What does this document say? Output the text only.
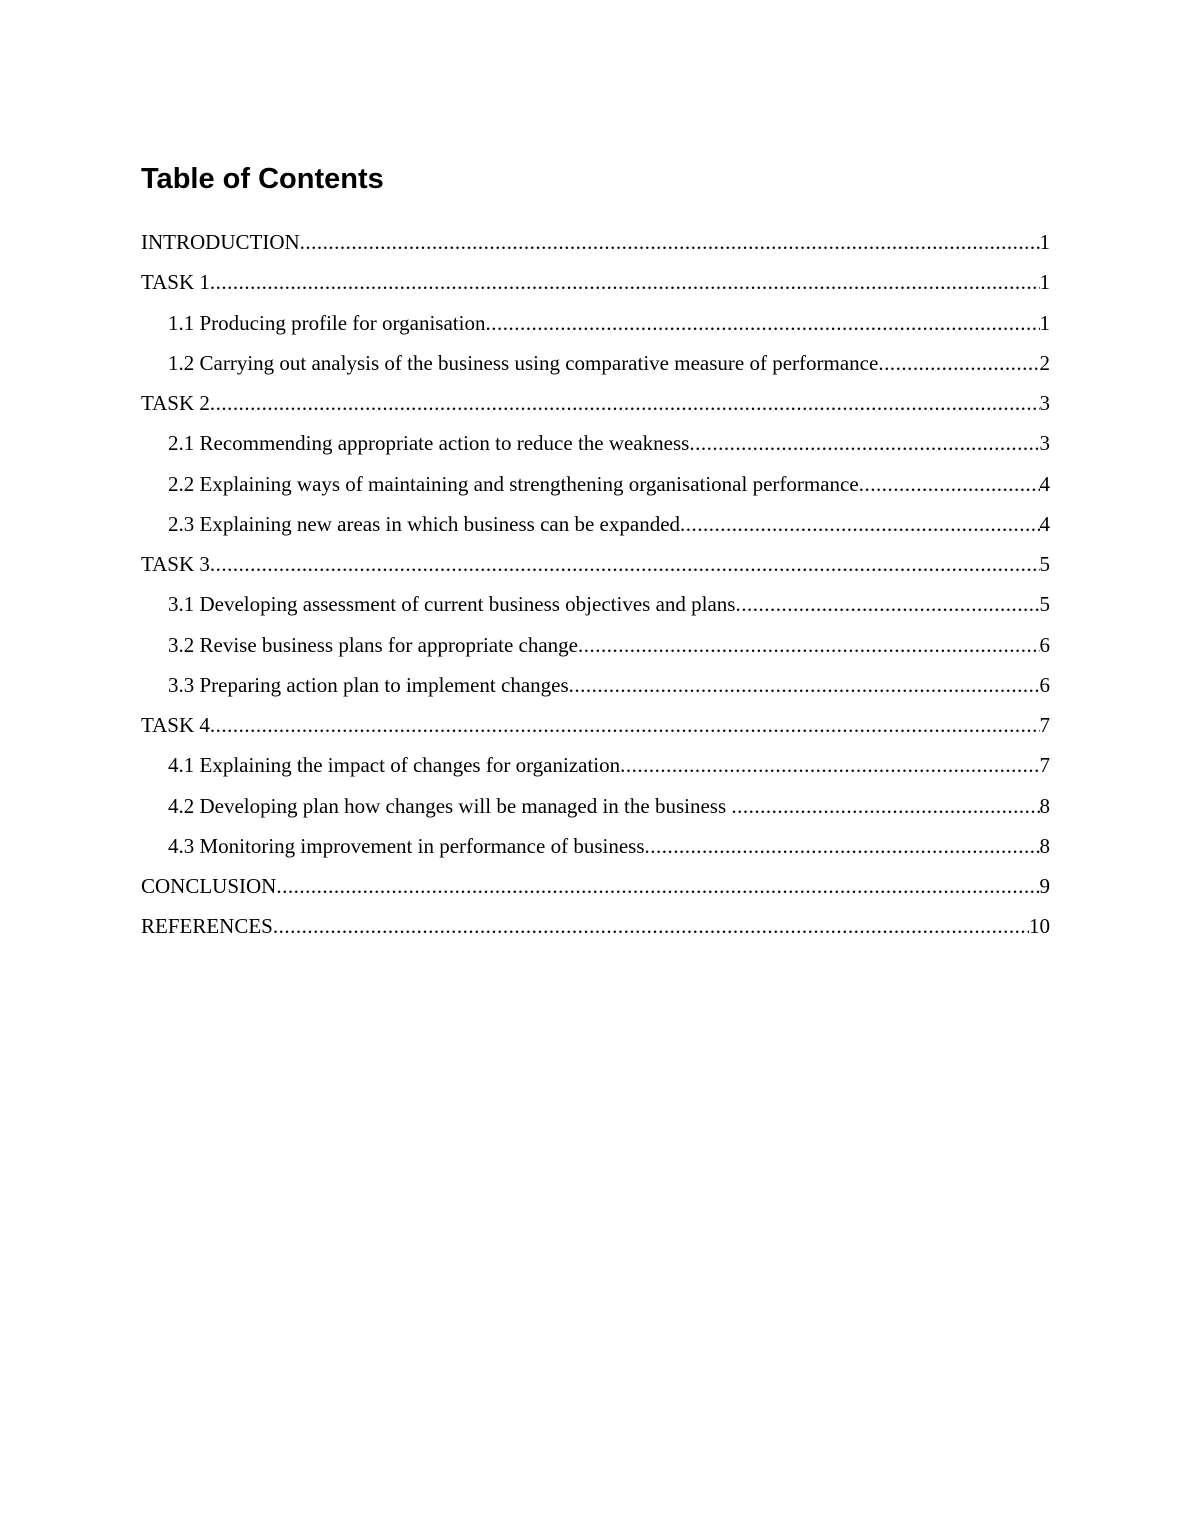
Table of Contents
INTRODUCTION .....	1
TASK 1 .....	1
1.1 Producing profile for organisation .....	1
1.2 Carrying out analysis of the business using comparative measure of performance .....	2
TASK 2 .....	3
2.1 Recommending appropriate action to reduce the weakness .....	3
2.2 Explaining ways of maintaining and strengthening organisational performance .....	4
2.3 Explaining new areas in which business can be expanded .....	4
TASK 3 .....	5
3.1 Developing assessment of current business objectives and plans .....	5
3.2 Revise business plans for appropriate change .....	6
3.3 Preparing action plan to implement changes .....	6
TASK 4 .....	7
4.1 Explaining the impact of changes for organization .....	7
4.2 Developing plan how changes will be managed in the business .....	8
4.3 Monitoring improvement in performance of business .....	8
CONCLUSION .....	9
REFERENCES .....	10
